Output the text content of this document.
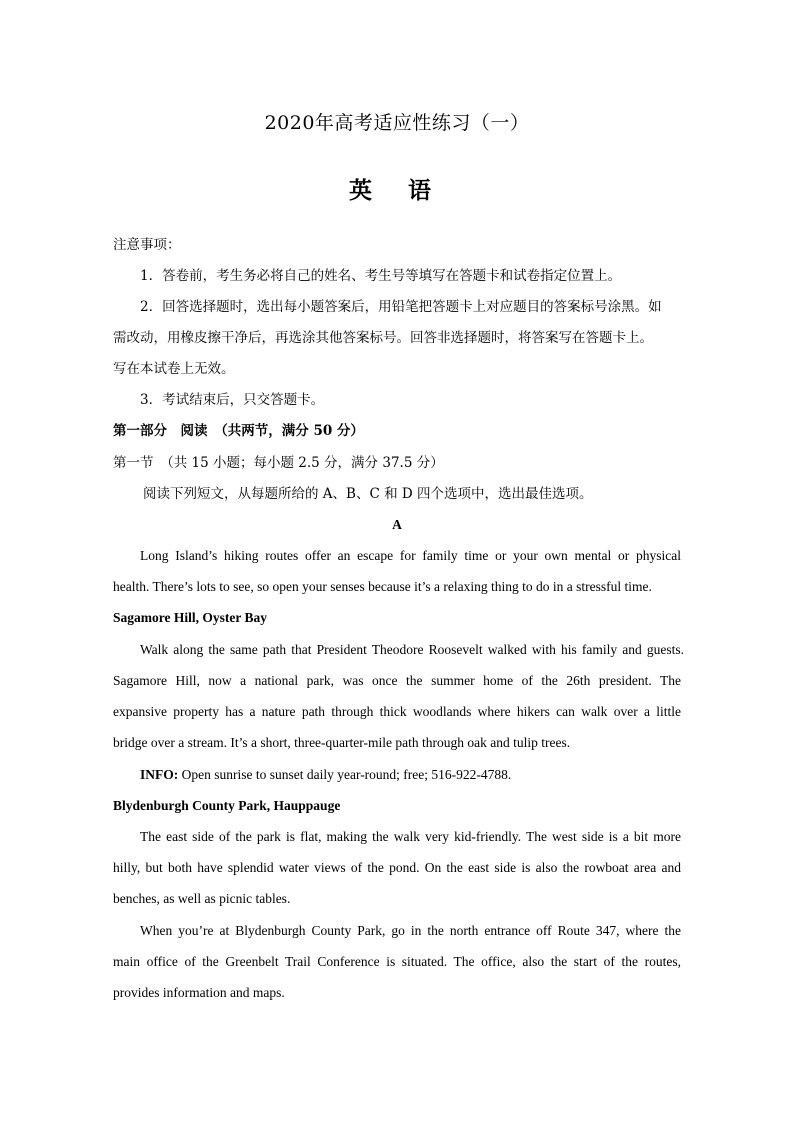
2020年高考适应性练习（一）
英 语
注意事项：
1．答卷前，考生务必将自己的姓名、考生号等填写在答题卡和试卷指定位置上。
2．回答选择题时，选出每小题答案后，用铅笔把答题卡上对应题目的答案标号涂黑。如
需改动，用橡皮擦干净后，再选涂其他答案标号。回答非选择题时，将答案写在答题卡上。
写在本试卷上无效。
3．考试结束后，只交答题卡。
第一部分　阅读　（共两节，满分 50 分）
第一节　（共 15 小题；每小题 2.5 分，满分 37.5 分）
阅读下列短文，从每题所给的 A、B、C 和 D 四个选项中，选出最佳选项。
A
Long Island’s hiking routes offer an escape for family time or your own mental or physical
health. There’s lots to see, so open your senses because it’s a relaxing thing to do in a stressful time.
Sagamore Hill, Oyster Bay
Walk along the same path that President Theodore Roosevelt walked with his family and guests.
Sagamore Hill, now a national park, was once the summer home of the 26th president. The
expansive property has a nature path through thick woodlands where hikers can walk over a little
bridge over a stream. It’s a short, three-quarter-mile path through oak and tulip trees.
INFO: Open sunrise to sunset daily year-round; free; 516-922-4788.
Blydenburgh County Park, Hauppauge
The east side of the park is flat, making the walk very kid-friendly. The west side is a bit more
hilly, but both have splendid water views of the pond. On the east side is also the rowboat area and
benches, as well as picnic tables.
When you’re at Blydenburgh County Park, go in the north entrance off Route 347, where the
main office of the Greenbelt Trail Conference is situated. The office, also the start of the routes,
provides information and maps.
